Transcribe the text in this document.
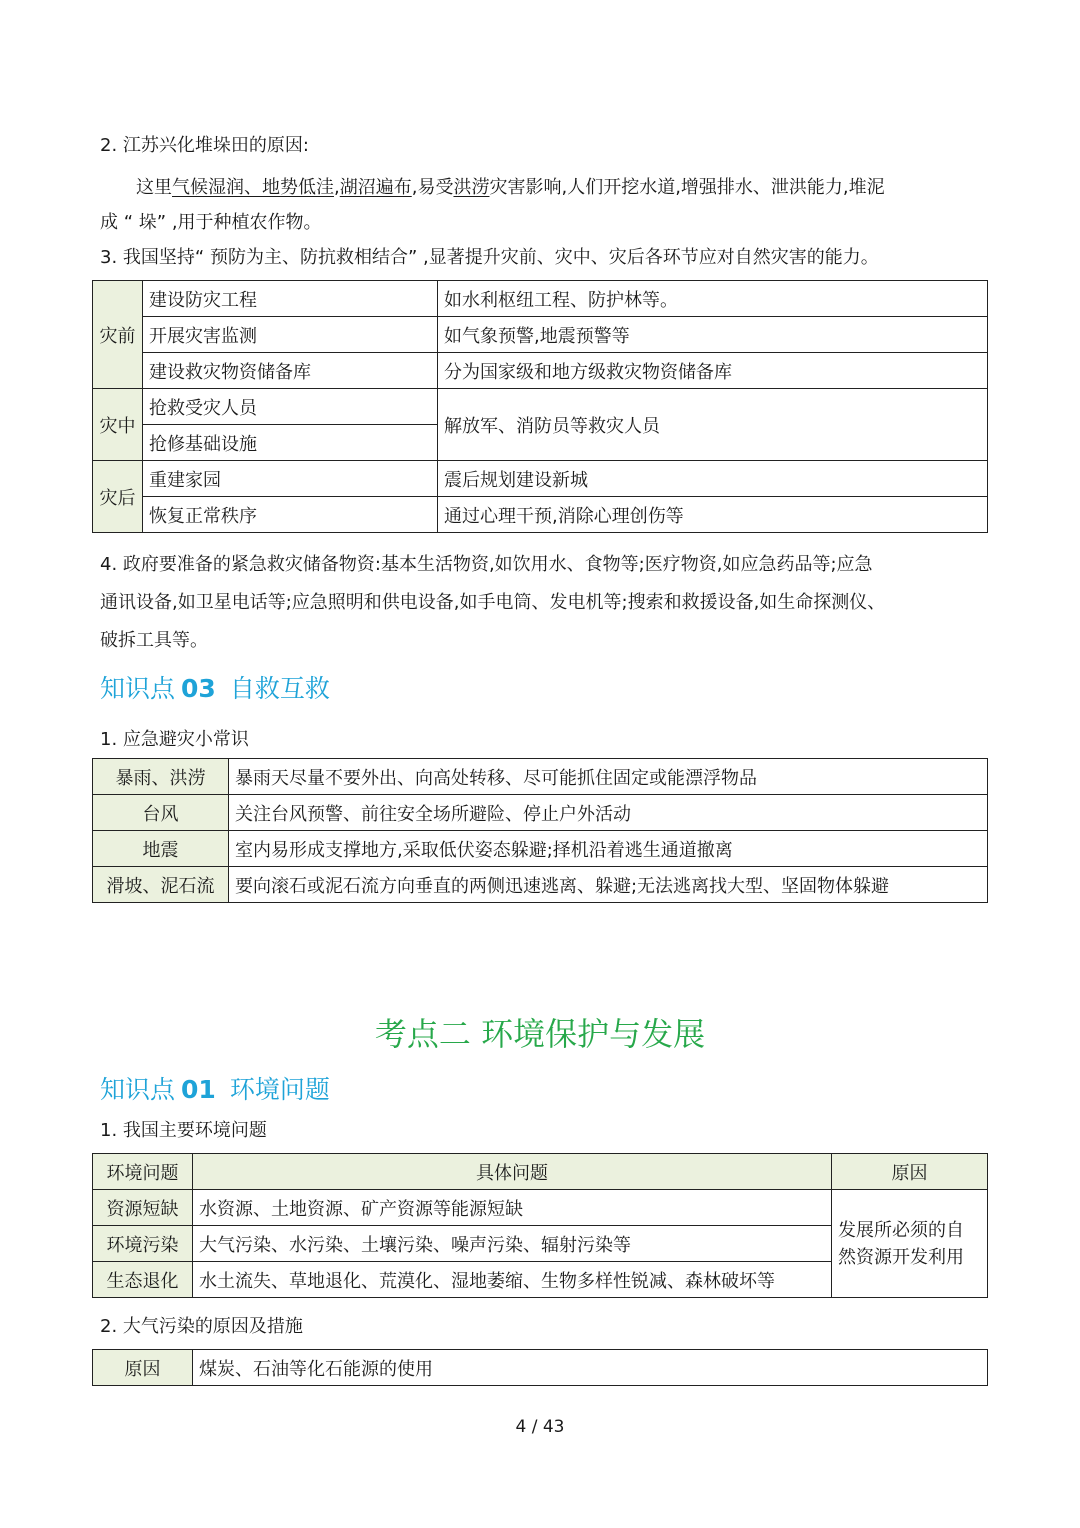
2. 江苏兴化堆垛田的原因:
这里气候湿润、地势低洼,湖沼遍布,易受洪涝灾害影响,人们开挖水道,增强排水、泄洪能力,堆泥
成 “ 垛” ,用于种植农作物。
3. 我国坚持“ 预防为主、防抗救相结合” ,显著提升灾前、灾中、灾后各环节应对自然灾害的能力。
灾前	建设防灾工程	如水利枢纽工程、防护林等。
	开展灾害监测	如气象预警,地震预警等
	建设救灾物资储备库	分为国家级和地方级救灾物资储备库
灾中	抢救受灾人员	解放军、消防员等救灾人员
	抢修基础设施	
灾后	重建家园	震后规划建设新城
	恢复正常秩序	通过心理干预,消除心理创伤等
4. 政府要准备的紧急救灾储备物资:基本生活物资,如饮用水、食物等;医疗物资,如应急药品等;应急
通讯设备,如卫星电话等;应急照明和供电设备,如手电筒、发电机等;搜索和救援设备,如生命探测仪、
破拆工具等。
知识点 03 自救互救
1. 应急避灾小常识
暴雨、洪涝	暴雨天尽量不要外出、向高处转移、尽可能抓住固定或能漂浮物品
台风	关注台风预警、前往安全场所避险、停止户外活动
地震	室内易形成支撑地方,采取低伏姿态躲避;择机沿着逃生通道撤离
滑坡、泥石流	要向滚石或泥石流方向垂直的两侧迅速逃离、躲避;无法逃离找大型、坚固物体躲避
考点二 环境保护与发展
知识点 01 环境问题
1. 我国主要环境问题
环境问题	具体问题	原因
资源短缺	水资源、土地资源、矿产资源等能源短缺	发展所必须的自然资源开发利用
环境污染	大气污染、水污染、土壤污染、噪声污染、辐射污染等	
生态退化	水土流失、草地退化、荒漠化、湿地萎缩、生物多样性锐减、森林破坏等	
2. 大气污染的原因及措施
原因	煤炭、石油等化石能源的使用
4 / 43
